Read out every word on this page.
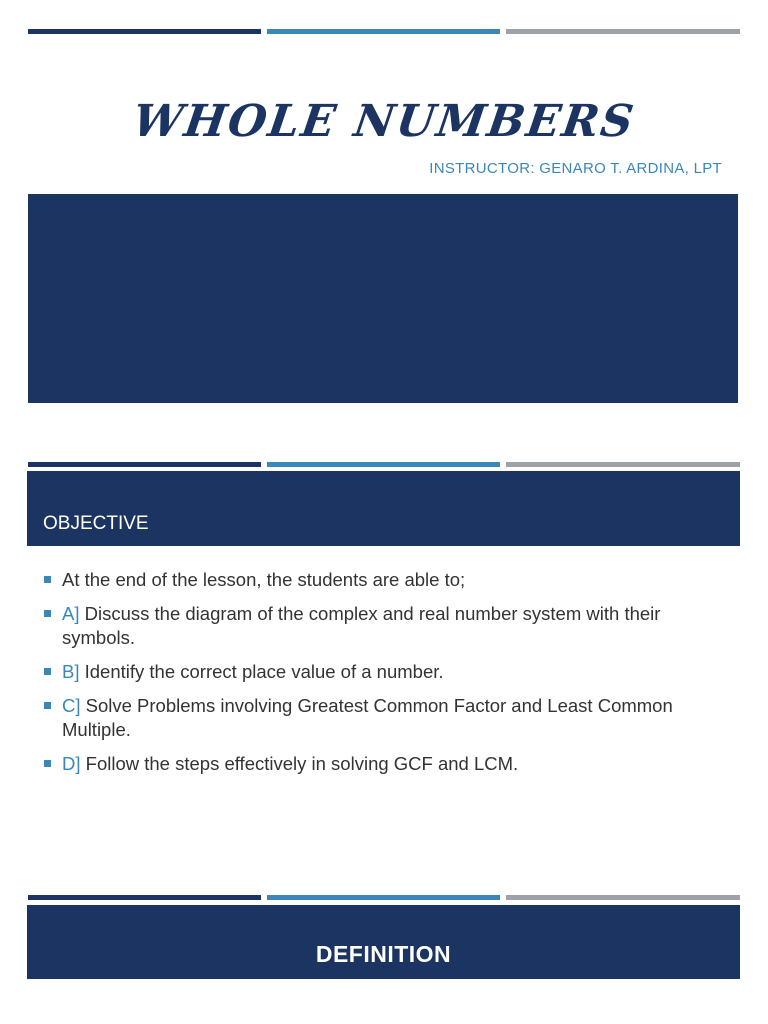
WHOLE NUMBERS
INSTRUCTOR: GENARO T. ARDINA, LPT
OBJECTIVE
At the end of the lesson, the students are able to;
A] Discuss the diagram of the complex and real number system with their symbols.
B] Identify the correct place value of a number.
C] Solve Problems involving Greatest Common Factor and Least Common Multiple.
D] Follow the steps effectively in solving GCF and LCM.
DEFINITION
